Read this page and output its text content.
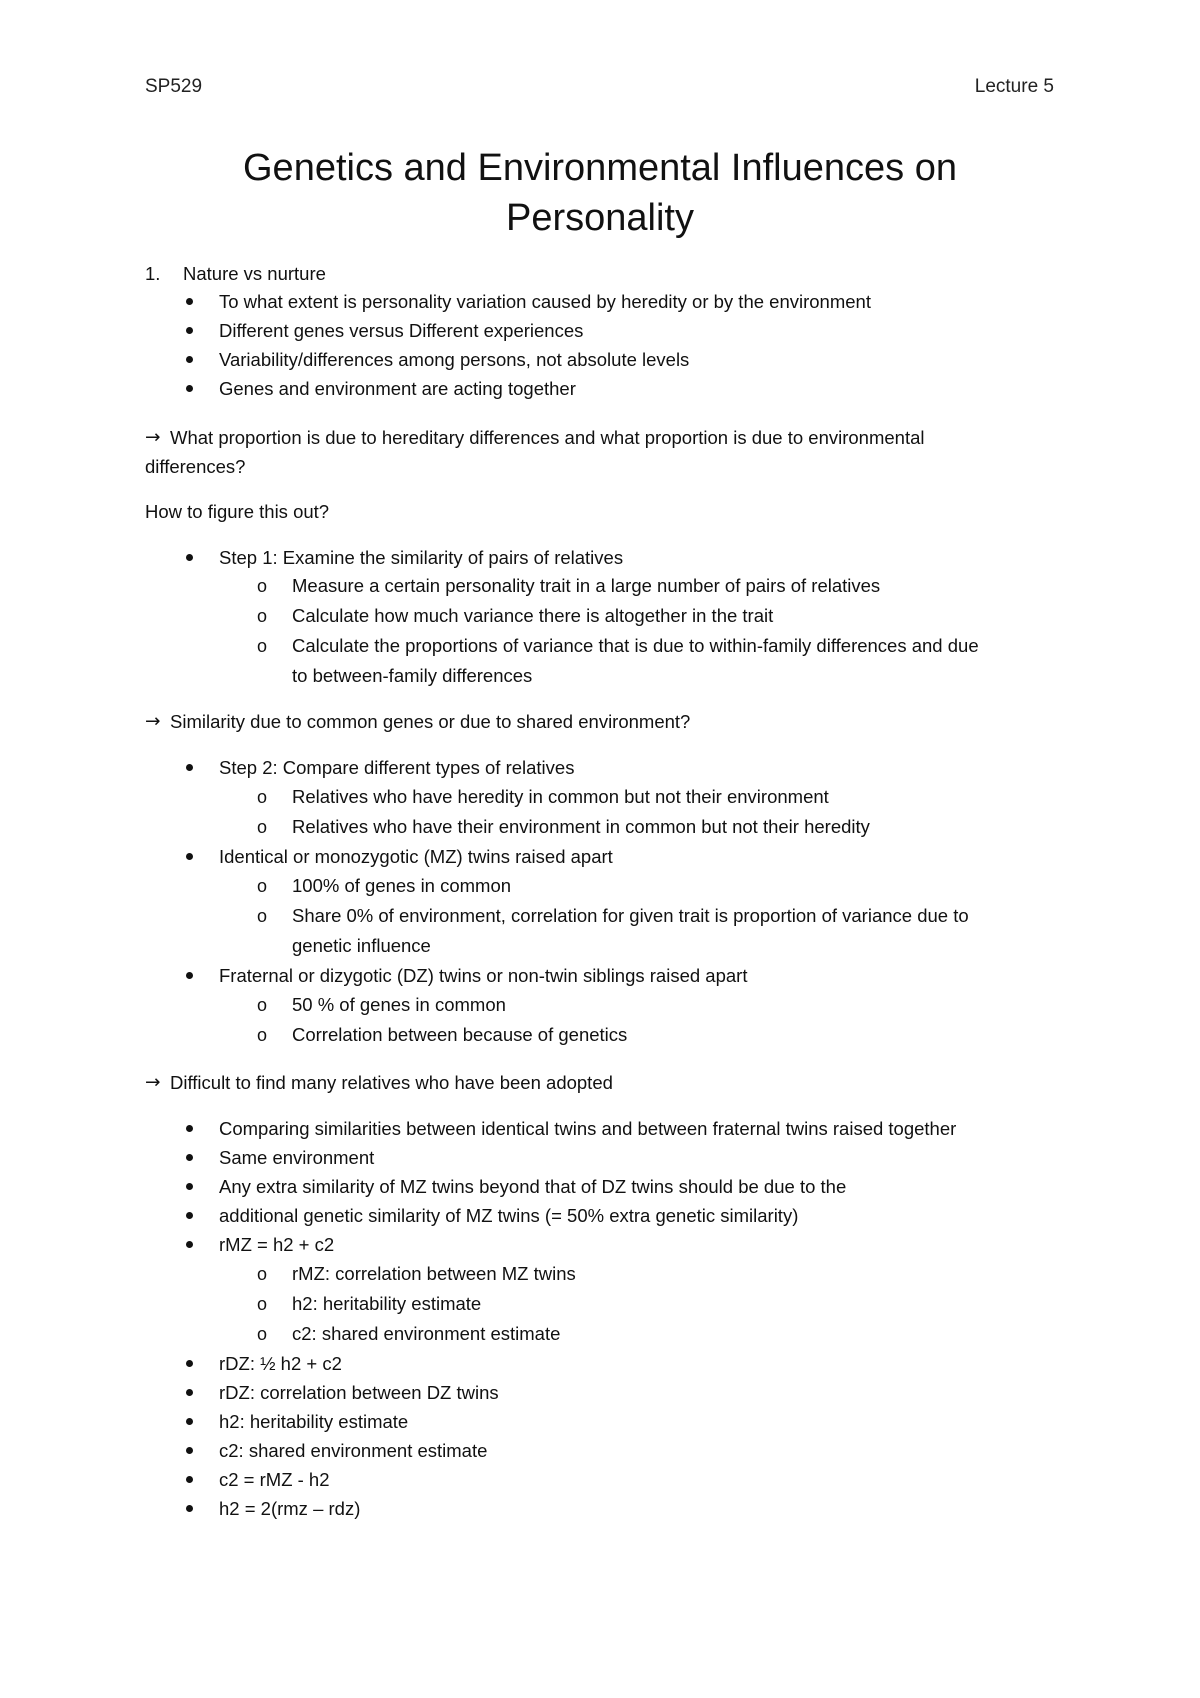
SP529	Lecture 5
Genetics and Environmental Influences on
Personality
1. Nature vs nurture
To what extent is personality variation caused by heredity or by the environment
Different genes versus Different experiences
Variability/differences among persons, not absolute levels
Genes and environment are acting together
→ What proportion is due to hereditary differences and what proportion is due to environmental
differences?
How to figure this out?
Step 1: Examine the similarity of pairs of relatives
o Measure a certain personality trait in a large number of pairs of relatives
o Calculate how much variance there is altogether in the trait
o Calculate the proportions of variance that is due to within-family differences and due
to between-family differences
→ Similarity due to common genes or due to shared environment?
Step 2: Compare different types of relatives
o Relatives who have heredity in common but not their environment
o Relatives who have their environment in common but not their heredity
Identical or monozygotic (MZ) twins raised apart
o 100% of genes in common
o Share 0% of environment, correlation for given trait is proportion of variance due to
genetic influence
Fraternal or dizygotic (DZ) twins or non-twin siblings raised apart
o 50 % of genes in common
o Correlation between because of genetics
→ Difficult to find many relatives who have been adopted
Comparing similarities between identical twins and between fraternal twins raised together
Same environment
Any extra similarity of MZ twins beyond that of DZ twins should be due to the
additional genetic similarity of MZ twins (= 50% extra genetic similarity)
rMZ = h2 + c2
o rMZ: correlation between MZ twins
o h2: heritability estimate
o c2: shared environment estimate
rDZ: ½ h2 + c2
rDZ: correlation between DZ twins
h2: heritability estimate
c2: shared environment estimate
c2 = rMZ - h2
h2 = 2(rmz – rdz)
